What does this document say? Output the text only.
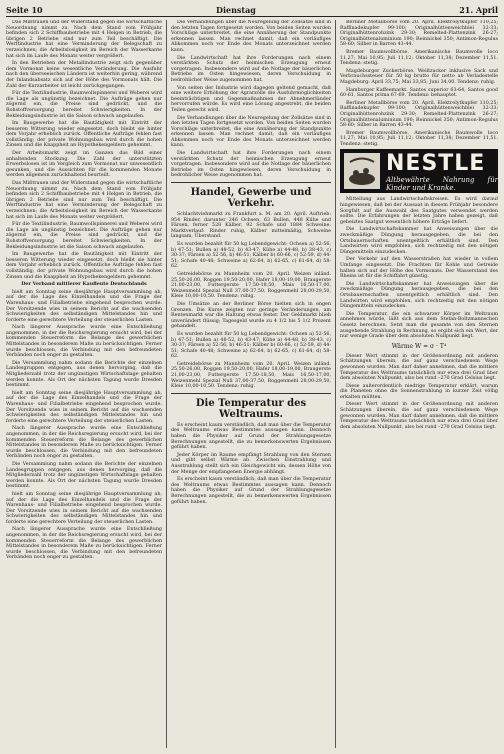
Seite 10	Dienstag	21. April

Das Mißtrauen und der Widerstand gegen die wirtschaftliche Neuordnung nimmt zu. Nach dem Stand vom Frühjahr befinden sich 2 Schiffbaubetriebe mit 4 Helgen in Betrieb, die übrigen 2 Betriebe sind nur zum Teil beschäftigt. Die Werftindustrie hat eine Verminderung der Belegschaft zu verzeichnen; die Arbeitslosigkeit im Bereich der Wasserkante hat sich im Laufe des Monats weiter vergrößert.

In den Betrieben der Metallindustrie zeigt sich gegenüber dem Vormonat keine wesentliche Veränderung. Die Ausfuhr nach den überseeischen Ländern ist weiterhin gering, während der Inlandsabsatz sich auf der Höhe des Vormonats hält. Die Zahl der Kurzarbeiter ist leicht zurückgegangen.

Für die Textilindustrie, Baumwollspinnerei und Weberei wird die Lage als ungünstig bezeichnet. Die Aufträge gehen nur zögernd ein, die Preise sind gedrückt, und die Rohstoffversorgung bereitet Schwierigkeiten. In der Bekleidungsindustrie ist die Saison schwach angelaufen.

Im Baugewerbe hat die Bautätigkeit mit Eintritt der besseren Witterung wieder eingesetzt, doch bleibt sie hinter dem Vorjahr erheblich zurück. Öffentliche Aufträge fehlen fast vollständig; der private Wohnungsbau wird durch die hohen Zinsen und die Knappheit an Hypothekengeldern gehemmt.

Der Arbeitsmarkt zeigt im Ganzen das Bild einer anhaltenden Stockung. Die Zahl der unterstützten Erwerbslosen ist im Vergleich zum Vormonat nur unwesentlich gesunken, und die Aussichten für die kommenden Monate werden allgemein zurückhaltend beurteilt.

Das Mißtrauen und der Widerstand gegen die wirtschaftliche Neuordnung nimmt zu. Nach dem Stand vom Frühjahr befinden sich 2 Schiffbaubetriebe mit 4 Helgen in Betrieb, die übrigen 2 Betriebe sind nur zum Teil beschäftigt. Die Werftindustrie hat eine Verminderung der Belegschaft zu verzeichnen; die Arbeitslosigkeit im Bereich der Wasserkante hat sich im Laufe des Monats weiter vergrößert.

Für die Textilindustrie, Baumwollspinnerei und Weberei wird die Lage als ungünstig bezeichnet. Die Aufträge gehen nur zögernd ein, die Preise sind gedrückt, und die Rohstoffversorgung bereitet Schwierigkeiten. In der Bekleidungsindustrie ist die Saison schwach angelaufen.

Im Baugewerbe hat die Bautätigkeit mit Eintritt der besseren Witterung wieder eingesetzt, doch bleibt sie hinter dem Vorjahr erheblich zurück. Öffentliche Aufträge fehlen fast vollständig; der private Wohnungsbau wird durch die hohen Zinsen und die Knappheit an Hypothekengeldern gehemmt.

Der Verband mittlerer Kaufleute Deutschlands

hielt am Sonntag seine diesjährige Hauptversammlung ab, auf der die Lage des Einzelhandels und die Frage der Warenhaus- und Filialbetriebe eingehend besprochen wurde. Der Vorsitzende wies in seinem Bericht auf die wachsenden Schwierigkeiten des selbständigen Mittelstandes hin und forderte eine gerechtere Verteilung der steuerlichen Lasten.

Nach längerer Aussprache wurde eine Entschließung angenommen, in der die Reichsregierung ersucht wird, bei der kommenden Steuerreform die Belange des gewerblichen Mittelstandes in besonderem Maße zu berücksichtigen. Ferner wurde beschlossen, die Verbindung mit den befreundeten Verbänden noch enger zu gestalten.

Die Versammlung nahm sodann die Berichte der einzelnen Landesgruppen entgegen, aus denen hervorging, daß die Mitgliederzahl trotz der ungünstigen Wirtschaftslage gehalten werden konnte. Als Ort der nächsten Tagung wurde Dresden bestimmt.

hielt am Sonntag seine diesjährige Hauptversammlung ab, auf der die Lage des Einzelhandels und die Frage der Warenhaus- und Filialbetriebe eingehend besprochen wurde. Der Vorsitzende wies in seinem Bericht auf die wachsenden Schwierigkeiten des selbständigen Mittelstandes hin und forderte eine gerechtere Verteilung der steuerlichen Lasten.

Nach längerer Aussprache wurde eine Entschließung angenommen, in der die Reichsregierung ersucht wird, bei der kommenden Steuerreform die Belange des gewerblichen Mittelstandes in besonderem Maße zu berücksichtigen. Ferner wurde beschlossen, die Verbindung mit den befreundeten Verbänden noch enger zu gestalten.

Die Versammlung nahm sodann die Berichte der einzelnen Landesgruppen entgegen, aus denen hervorging, daß die Mitgliederzahl trotz der ungünstigen Wirtschaftslage gehalten werden konnte. Als Ort der nächsten Tagung wurde Dresden bestimmt.

hielt am Sonntag seine diesjährige Hauptversammlung ab, auf der die Lage des Einzelhandels und die Frage der Warenhaus- und Filialbetriebe eingehend besprochen wurde. Der Vorsitzende wies in seinem Bericht auf die wachsenden Schwierigkeiten des selbständigen Mittelstandes hin und forderte eine gerechtere Verteilung der steuerlichen Lasten.

Nach längerer Aussprache wurde eine Entschließung angenommen, in der die Reichsregierung ersucht wird, bei der kommenden Steuerreform die Belange des gewerblichen Mittelstandes in besonderem Maße zu berücksichtigen. Ferner wurde beschlossen, die Verbindung mit den befreundeten Verbänden noch enger zu gestalten.

Die Verhandlungen über die Neuregelung der Zollsätze sind in den letzten Tagen fortgesetzt worden. Von beiden Seiten wurden Vorschläge unterbreitet, die eine Annäherung der Standpunkte erkennen lassen. Man rechnet damit, daß ein vorläufiges Abkommen noch vor Ende des Monats unterzeichnet werden kann.

Die Landwirtschaft hat ihre Forderungen nach einem verstärkten Schutz der heimischen Erzeugung erneut vorgetragen. Insbesondere wird auf die Notlage der bäuerlichen Betriebe im Osten hingewiesen, deren Verschuldung in bedrohlicher Weise zugenommen hat.

Von seiten der Industrie wird dagegen geltend gemacht, daß eine weitere Erhöhung der Agrarzölle die Ausfuhrmöglichkeiten beeinträchtigen und Gegenmaßnahmen der Abnehmerländer hervorrufen würde. Es wird eine Lösung angestrebt, die beiden Teilen gerecht wird.

Die Verhandlungen über die Neuregelung der Zollsätze sind in den letzten Tagen fortgesetzt worden. Von beiden Seiten wurden Vorschläge unterbreitet, die eine Annäherung der Standpunkte erkennen lassen. Man rechnet damit, daß ein vorläufiges Abkommen noch vor Ende des Monats unterzeichnet werden kann.

Die Landwirtschaft hat ihre Forderungen nach einem verstärkten Schutz der heimischen Erzeugung erneut vorgetragen. Insbesondere wird auf die Notlage der bäuerlichen Betriebe im Osten hingewiesen, deren Verschuldung in bedrohlicher Weise zugenommen hat.

Handel, Gewerbe und Verkehr.

Schlachtviehmarkt zu Frankfurt a. M. am 20. April. Auftrieb: 954 Rinder, darunter 246 Ochsen, 63 Bullen, 448 Kühe und Färsen, ferner 528 Kälber, 92 Schafe und 1884 Schweine. Marktverlauf: Rinder ruhig, Kälber mittelmäßig, Schweine langsam, Überstand.

Es wurden bezahlt für 50 kg Lebendgewicht: Ochsen a) 52-56, b) 47-51; Bullen a) 48-52, b) 43-47; Kühe a) 44-48, b) 38-43, c) 30-37; Färsen a) 52-56, b) 46-51; Kälber b) 60-66, c) 52-59, d) 44-51; Schafe 40-48; Schweine a) 62-64, b) 62-65, c) 61-64, d) 58-62.

Getreidebörse zu Mannheim vom 20. April. Weizen inländ. 25,50-26,00, Roggen 19,50-20,00, Hafer 18,00-19,00, Braugerste 21,00-23,00, Futtergerste 17,50-18,50, Mais 16,50-17,00, Weizenmehl Spezial Null 37,00-37,50, Roggenmehl 28,00-29,50, Kleie 10,00-10,50. Tendenz: ruhig.

Die Umsätze an der Berliner Börse hielten sich in engen Grenzen. Die Kurse zeigten nur geringe Veränderungen, am Rentenmarkt war die Haltung etwas fester. Der Geldmarkt blieb unverändert flüssig; Tagesgeld wurde zu 4 1/2 bis 5 1/2 Prozent gehandelt.

Es wurden bezahlt für 50 kg Lebendgewicht: Ochsen a) 52-56, b) 47-51; Bullen a) 48-52, b) 43-47; Kühe a) 44-48, b) 38-43, c) 30-37; Färsen a) 52-56, b) 46-51; Kälber b) 60-66, c) 52-59, d) 44-51; Schafe 40-48; Schweine a) 62-64, b) 62-65, c) 61-64, d) 58-62.

Getreidebörse zu Mannheim vom 20. April. Weizen inländ. 25,50-26,00, Roggen 19,50-20,00, Hafer 18,00-19,00, Braugerste 21,00-23,00, Futtergerste 17,50-18,50, Mais 16,50-17,00, Weizenmehl Spezial Null 37,00-37,50, Roggenmehl 28,00-29,50, Kleie 10,00-10,50. Tendenz: ruhig.

Die Temperatur des Weltraums.

Es erscheint kaum verständlich, daß man über die Temperatur des Weltraums etwas Bestimmtes aussagen kann. Dennoch haben die Physiker auf Grund der Strahlungsgesetze Berechnungen angestellt, die zu bemerkenswerten Ergebnissen geführt haben.

Jeder Körper im Raume empfängt Strahlung von den Sternen und gibt selbst Wärme ab. Zwischen Einstrahlung und Ausstrahlung stellt sich ein Gleichgewicht ein, dessen Höhe von der Menge der empfangenen Energie abhängt.

Es erscheint kaum verständlich, daß man über die Temperatur des Weltraums etwas Bestimmtes aussagen kann. Dennoch haben die Physiker auf Grund der Strahlungsgesetze Berechnungen angestellt, die zu bemerkenswerten Ergebnissen geführt haben.

Berliner Metallbörse vom 20. April. Elektrolytkupfer 110,25; Raffinadekupfer 99-100; Originalhüttenweichblei 32-33; Originalhüttenrohzink 29-30; Remelted-Plattenzink 26-27; Originalhüttenaluminium 190; Reinnickel 350; Antimon-Regulus 58-60; Silber in Barren 43-44.

Bremer Baumwollbörse. Amerikanische Baumwolle loco 11,27; Mai 10,95; Juli 11,12; Oktober 11,38; Dezember 11,51. Tendenz: stetig.

Magdeburger Zuckerbörse. Weißzucker inklusive Sack und Verbrauchssteuer für 50 kg brutto für netto ab Verladestelle Magdeburg: April 33,75; Mai 33,85; Juni 34,00. Tendenz: ruhig.

Hamburger Kaffeemarkt. Santos superior 63-64, Santos good 60-61, Santos prima 67-69. Tendenz: behauptet.

Berliner Metallbörse vom 20. April. Elektrolytkupfer 110,25; Raffinadekupfer 99-100; Originalhüttenweichblei 32-33; Originalhüttenrohzink 29-30; Remelted-Plattenzink 26-27; Originalhüttenaluminium 190; Reinnickel 350; Antimon-Regulus 58-60; Silber in Barren 43-44.

Bremer Baumwollbörse. Amerikanische Baumwolle loco 11,27; Mai 10,95; Juli 11,12; Oktober 11,38; Dezember 11,51. Tendenz: stetig.

NESTLE
Altbewährte Nahrung für Kinder und Kranke.

Mitteilung aus Landwirtschaftskreisen. Es wird darauf hingewiesen, daß bei der Aussaat in diesem Frühjahr besondere Sorgfalt auf die Auswahl des Saatgutes verwendet werden sollte. Die Erfahrungen der letzten Jahre haben gezeigt, daß gebeiztes Saatgut wesentlich höhere Erträge liefert.

Die Landwirtschaftskammer hat Anweisungen über die zweckmäßige Düngung herausgegeben, die bei den Ortsbauernschaften unentgeltlich erhältlich sind. Den Landwirten wird empfohlen, sich rechtzeitig mit den nötigen Düngemitteln einzudecken.

Der Verkehr auf den Wasserstraßen hat wieder in vollem Umfange eingesetzt. Die Frachten für Kohle und Getreide halten sich auf der Höhe des Vormonats. Der Wasserstand des Rheins ist für die Schiffahrt günstig.

Die Landwirtschaftskammer hat Anweisungen über die zweckmäßige Düngung herausgegeben, die bei den Ortsbauernschaften unentgeltlich erhältlich sind. Den Landwirten wird empfohlen, sich rechtzeitig mit den nötigen Düngemitteln einzudecken.

Die Temperatur, die ein schwarzer Körper im Weltraum annehmen würde, läßt sich aus dem Stefan-Boltzmannschen Gesetz berechnen. Setzt man die gesamte von den Sternen ausgehende Strahlung in Rechnung, so ergibt sich ein Wert, der nur wenige Grade über dem absoluten Nullpunkt liegt.

Wärme W = σ · T⁴

Dieser Wert stimmt in der Größenordnung mit anderen Schätzungen überein, die auf ganz verschiedenem Wege gewonnen wurden. Man darf daher annehmen, daß die mittlere Temperatur des Weltraums tatsächlich nur etwa drei Grad über dem absoluten Nullpunkt, also bei rund –270 Grad Celsius liegt.

Diese außerordentlich niedrige Temperatur erklärt, warum die Planeten ohne die Sonnenstrahlung in kurzer Zeit völlig erkalten müßten.

Dieser Wert stimmt in der Größenordnung mit anderen Schätzungen überein, die auf ganz verschiedenem Wege gewonnen wurden. Man darf daher annehmen, daß die mittlere Temperatur des Weltraums tatsächlich nur etwa drei Grad über dem absoluten Nullpunkt, also bei rund –270 Grad Celsius liegt.
